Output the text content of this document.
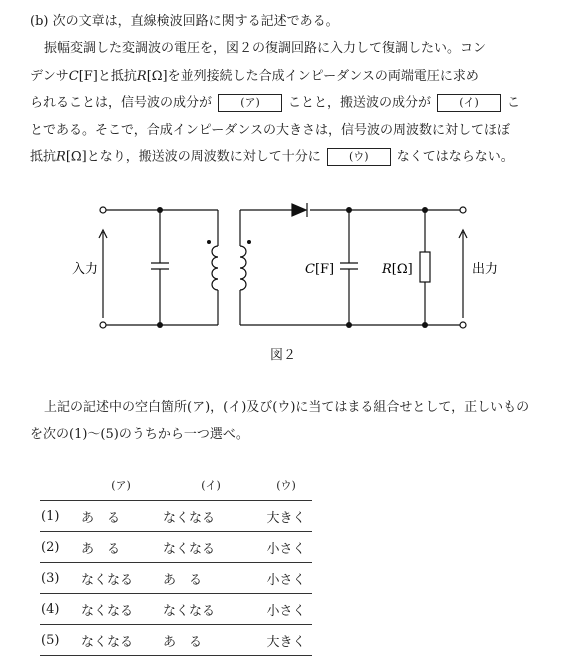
(b) 次の文章は，直線検波回路に関する記述である。
振幅変調した変調波の電圧を，図２の復調回路に入力して復調したい。コン
デンサC[F]と抵抗R[Ω]を並列接続した合成インピーダンスの両端電圧に求め
られることは，信号波の成分が	(ア) ことと，搬送波の成分が	(イ) こ
とである。そこで，合成インピーダンスの大きさは，信号波の周波数に対してほぼ
抵抗R[Ω]となり，搬送波の周波数に対して十分に	(ウ) なくてはならない。
入力	出力
C[F]	R[Ω]
図２
上記の記述中の空白箇所(ア)，(イ)及び(ウ)に当てはまる組合せとして，正しいもの
を次の(1)～(5)のうちから一つ選べ。
	(ア)	(イ)	(ウ)
(1)	あ　る	なくなる	大きく
(2)	あ　る	なくなる	小さく
(3)	なくなる	あ　る	小さく
(4)	なくなる	なくなる	小さく
(5)	なくなる	あ　る	大きく
